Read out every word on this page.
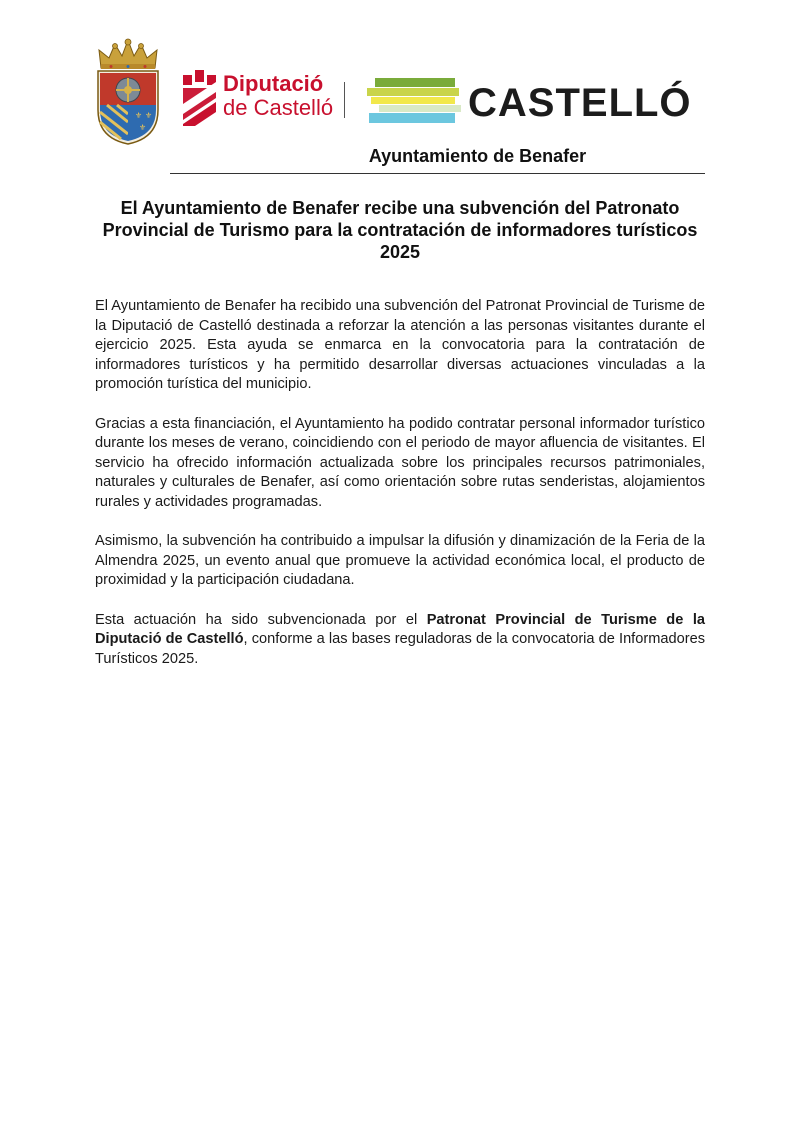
⚜ ⚜
⚜
Diputació
de Castelló	CASTELLÓ
Ayuntamiento de Benafer
El Ayuntamiento de Benafer recibe una subvención del Patronato Provincial de Turismo para la contratación de informadores turísticos 2025

El Ayuntamiento de Benafer ha recibido una subvención del Patronat Provincial de Turisme de la Diputació de Castelló destinada a reforzar la atención a las personas visitantes durante el ejercicio 2025. Esta ayuda se enmarca en la convocatoria para la contratación de informadores turísticos y ha permitido desarrollar diversas actuaciones vinculadas a la promoción turística del municipio.

Gracias a esta financiación, el Ayuntamiento ha podido contratar personal informador turístico durante los meses de verano, coincidiendo con el periodo de mayor afluencia de visitantes. El servicio ha ofrecido información actualizada sobre los principales recursos patrimoniales, naturales y culturales de Benafer, así como orientación sobre rutas senderistas, alojamientos rurales y actividades programadas.

Asimismo, la subvención ha contribuido a impulsar la difusión y dinamización de la Feria de la Almendra 2025, un evento anual que promueve la actividad económica local, el producto de proximidad y la participación ciudadana.

Esta actuación ha sido subvencionada por el Patronat Provincial de Turisme de la Diputació de Castelló, conforme a las bases reguladoras de la convocatoria de Informadores Turísticos 2025.
